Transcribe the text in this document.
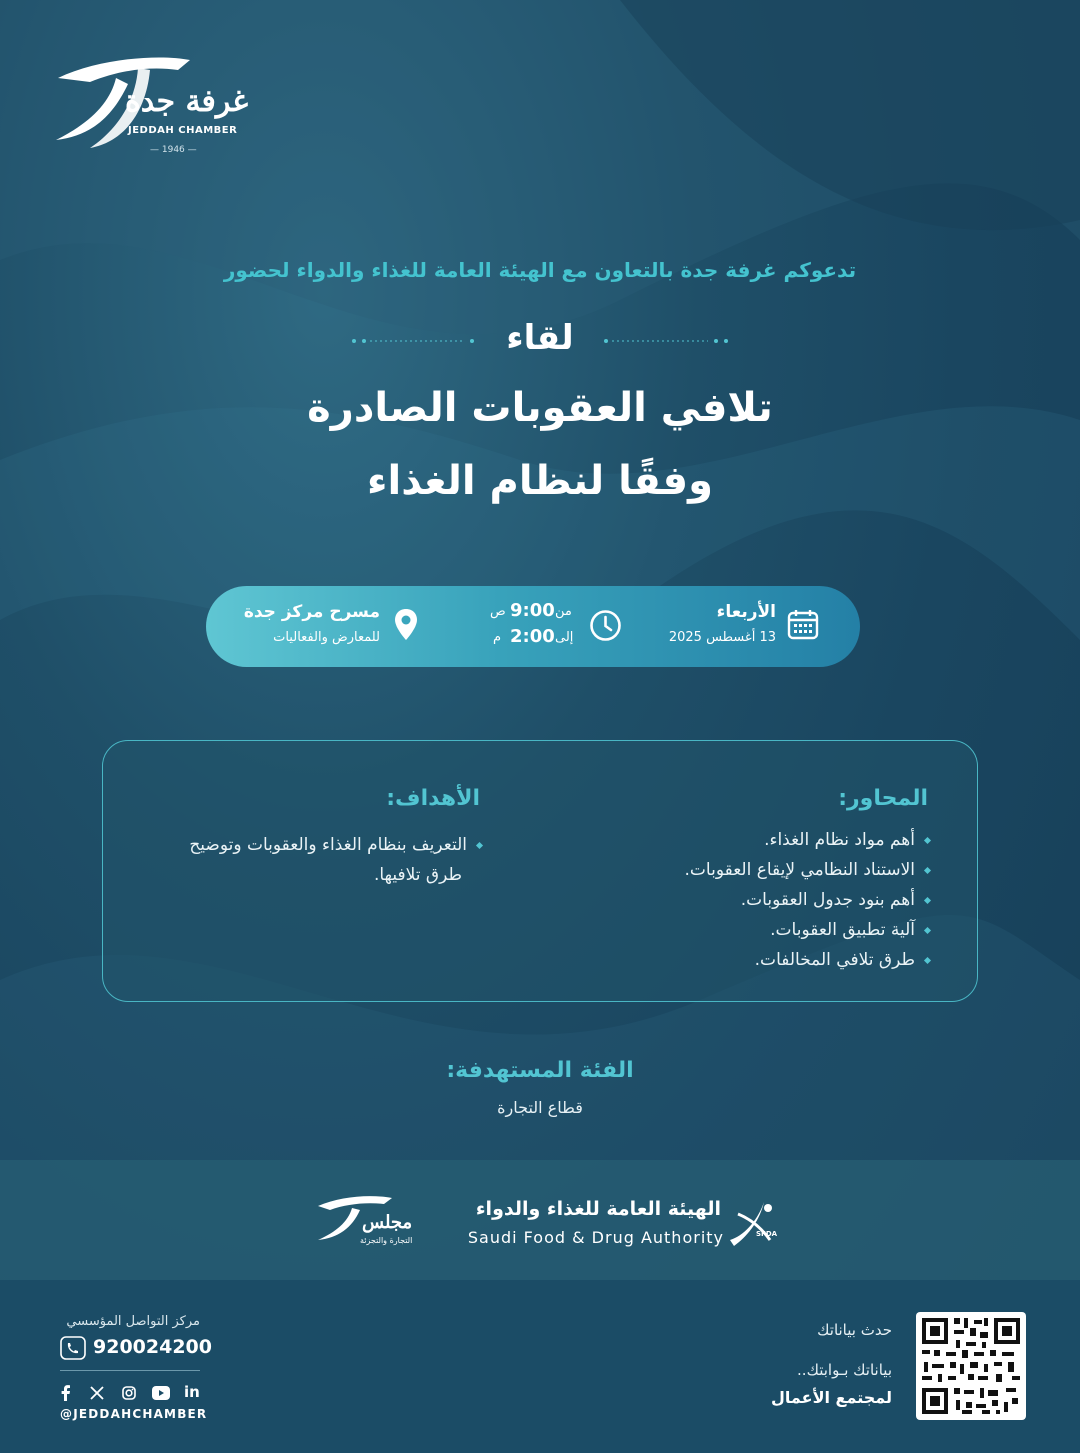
غرفة جدة
JEDDAH CHAMBER
— 1946 —
تدعوكم غرفة جدة بالتعاون مع الهيئة العامة للغذاء والدواء لحضور
لقاء
تلافي العقوبات الصادرة
وفقًا لنظام الغذاء
الأربعاء
13 أغسطس 2025
من
9:00
ص
إلى
2:00
م
مسرح مركز جدة
للمعارض والفعاليات
المحاور:
أهم مواد نظام الغذاء.
الاستناد النظامي لإيقاع العقوبات.
أهم بنود جدول العقوبات.
آلية تطبيق العقوبات.
طرق تلافي المخالفات.
الأهداف:
التعريف بنظام الغذاء والعقوبات وتوضيح
طرق تلافيها.
الفئة المستهدفة:
قطاع التجارة
مجلس
التجارة والتجزئة
الهيئة العامة للغذاء والدواء
Saudi Food & Drug Authority	SFDA
مركز التواصل المؤسسي
920024200
in
@JEDDAHCHAMBER
حدث بياناتك
بياناتك بـوابتك..
لمجتمع الأعمال
